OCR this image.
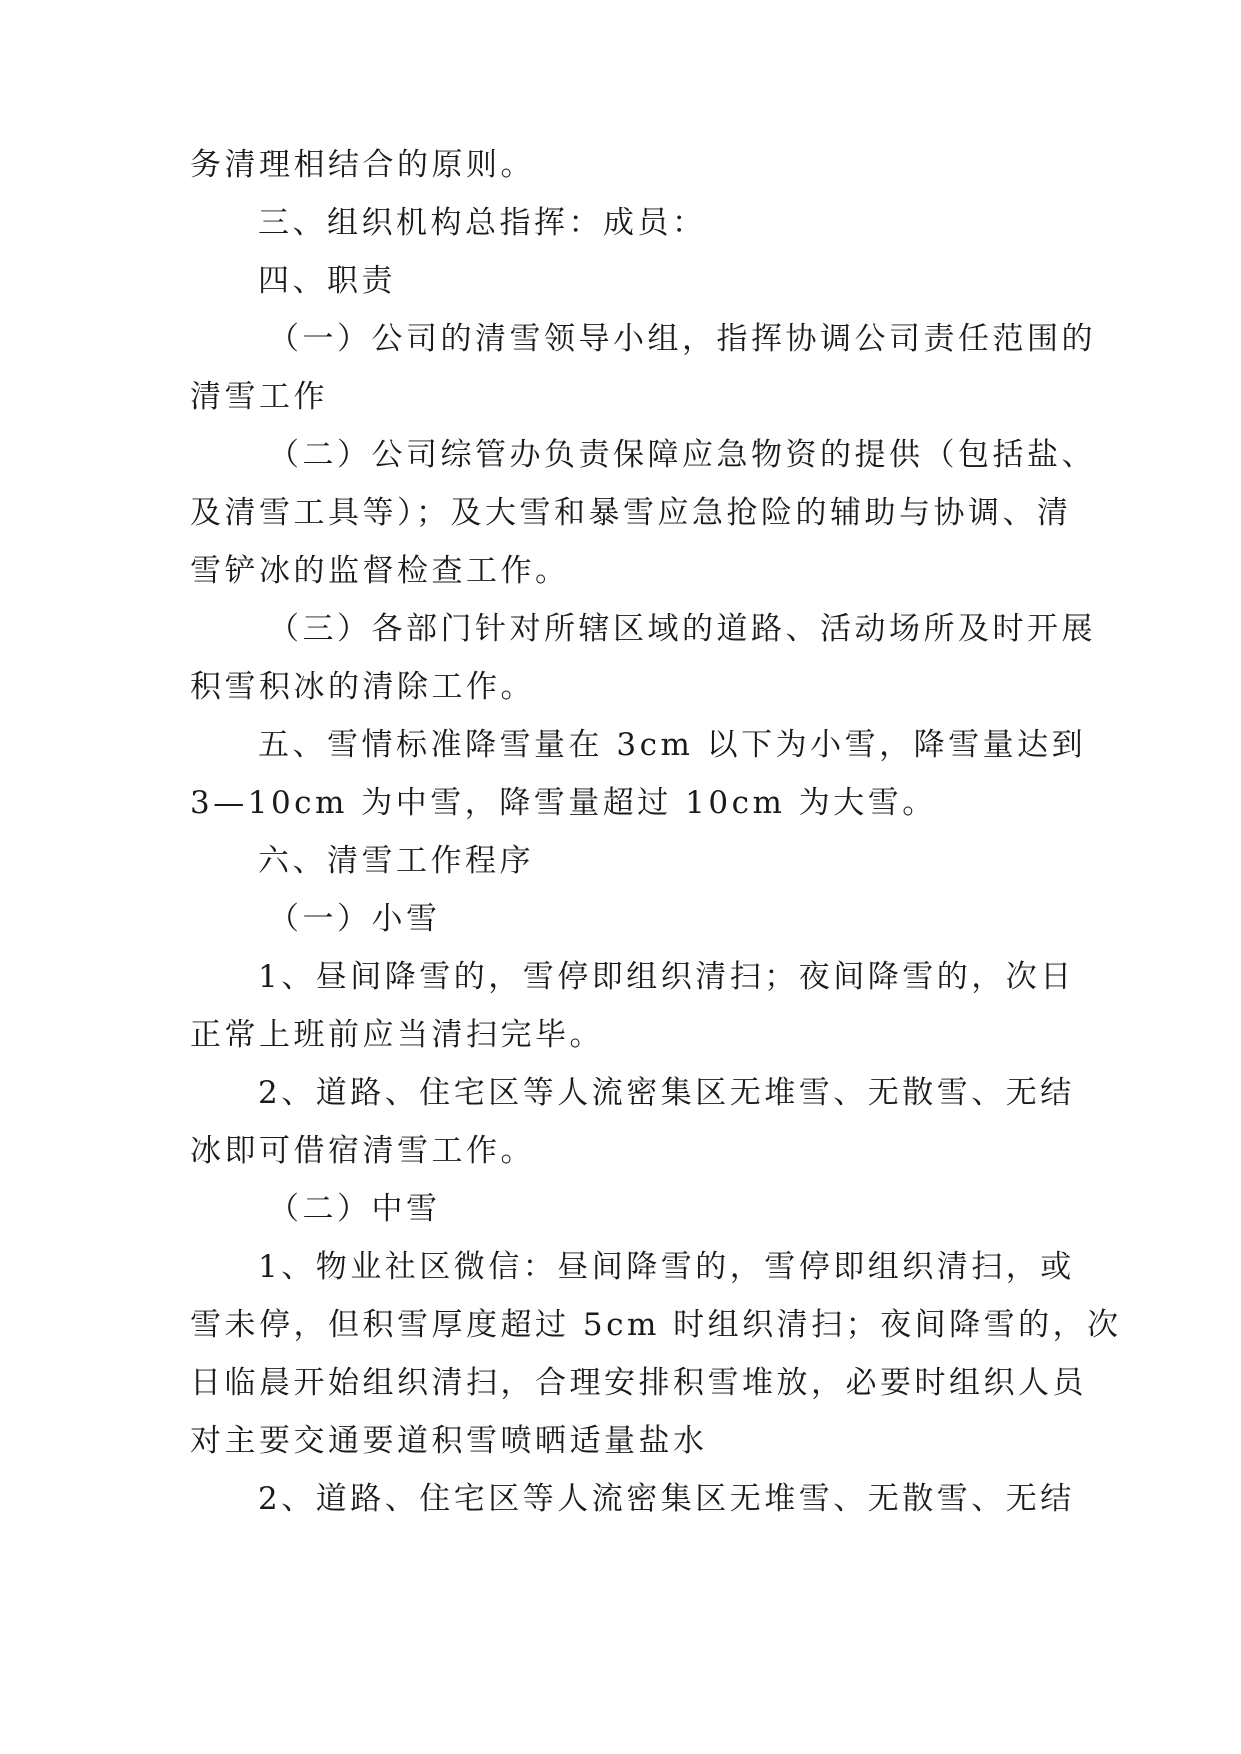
务清理相结合的原则。
三、组织机构总指挥：成员：
四、职责
（一）公司的清雪领导小组，指挥协调公司责任范围的
清雪工作
（二）公司综管办负责保障应急物资的提供（包括盐、
及清雪工具等）；及大雪和暴雪应急抢险的辅助与协调、清
雪铲冰的监督检查工作。
（三）各部门针对所辖区域的道路、活动场所及时开展
积雪积冰的清除工作。
五、雪情标准降雪量在 3cm 以下为小雪，降雪量达到
3—10cm 为中雪，降雪量超过 10cm 为大雪。
六、清雪工作程序
（一）小雪
1、昼间降雪的，雪停即组织清扫；夜间降雪的，次日
正常上班前应当清扫完毕。
2、道路、住宅区等人流密集区无堆雪、无散雪、无结
冰即可借宿清雪工作。
（二）中雪
1、物业社区微信：昼间降雪的，雪停即组织清扫，或
雪未停，但积雪厚度超过 5cm 时组织清扫；夜间降雪的，次
日临晨开始组织清扫，合理安排积雪堆放，必要时组织人员
对主要交通要道积雪喷晒适量盐水
2、道路、住宅区等人流密集区无堆雪、无散雪、无结
